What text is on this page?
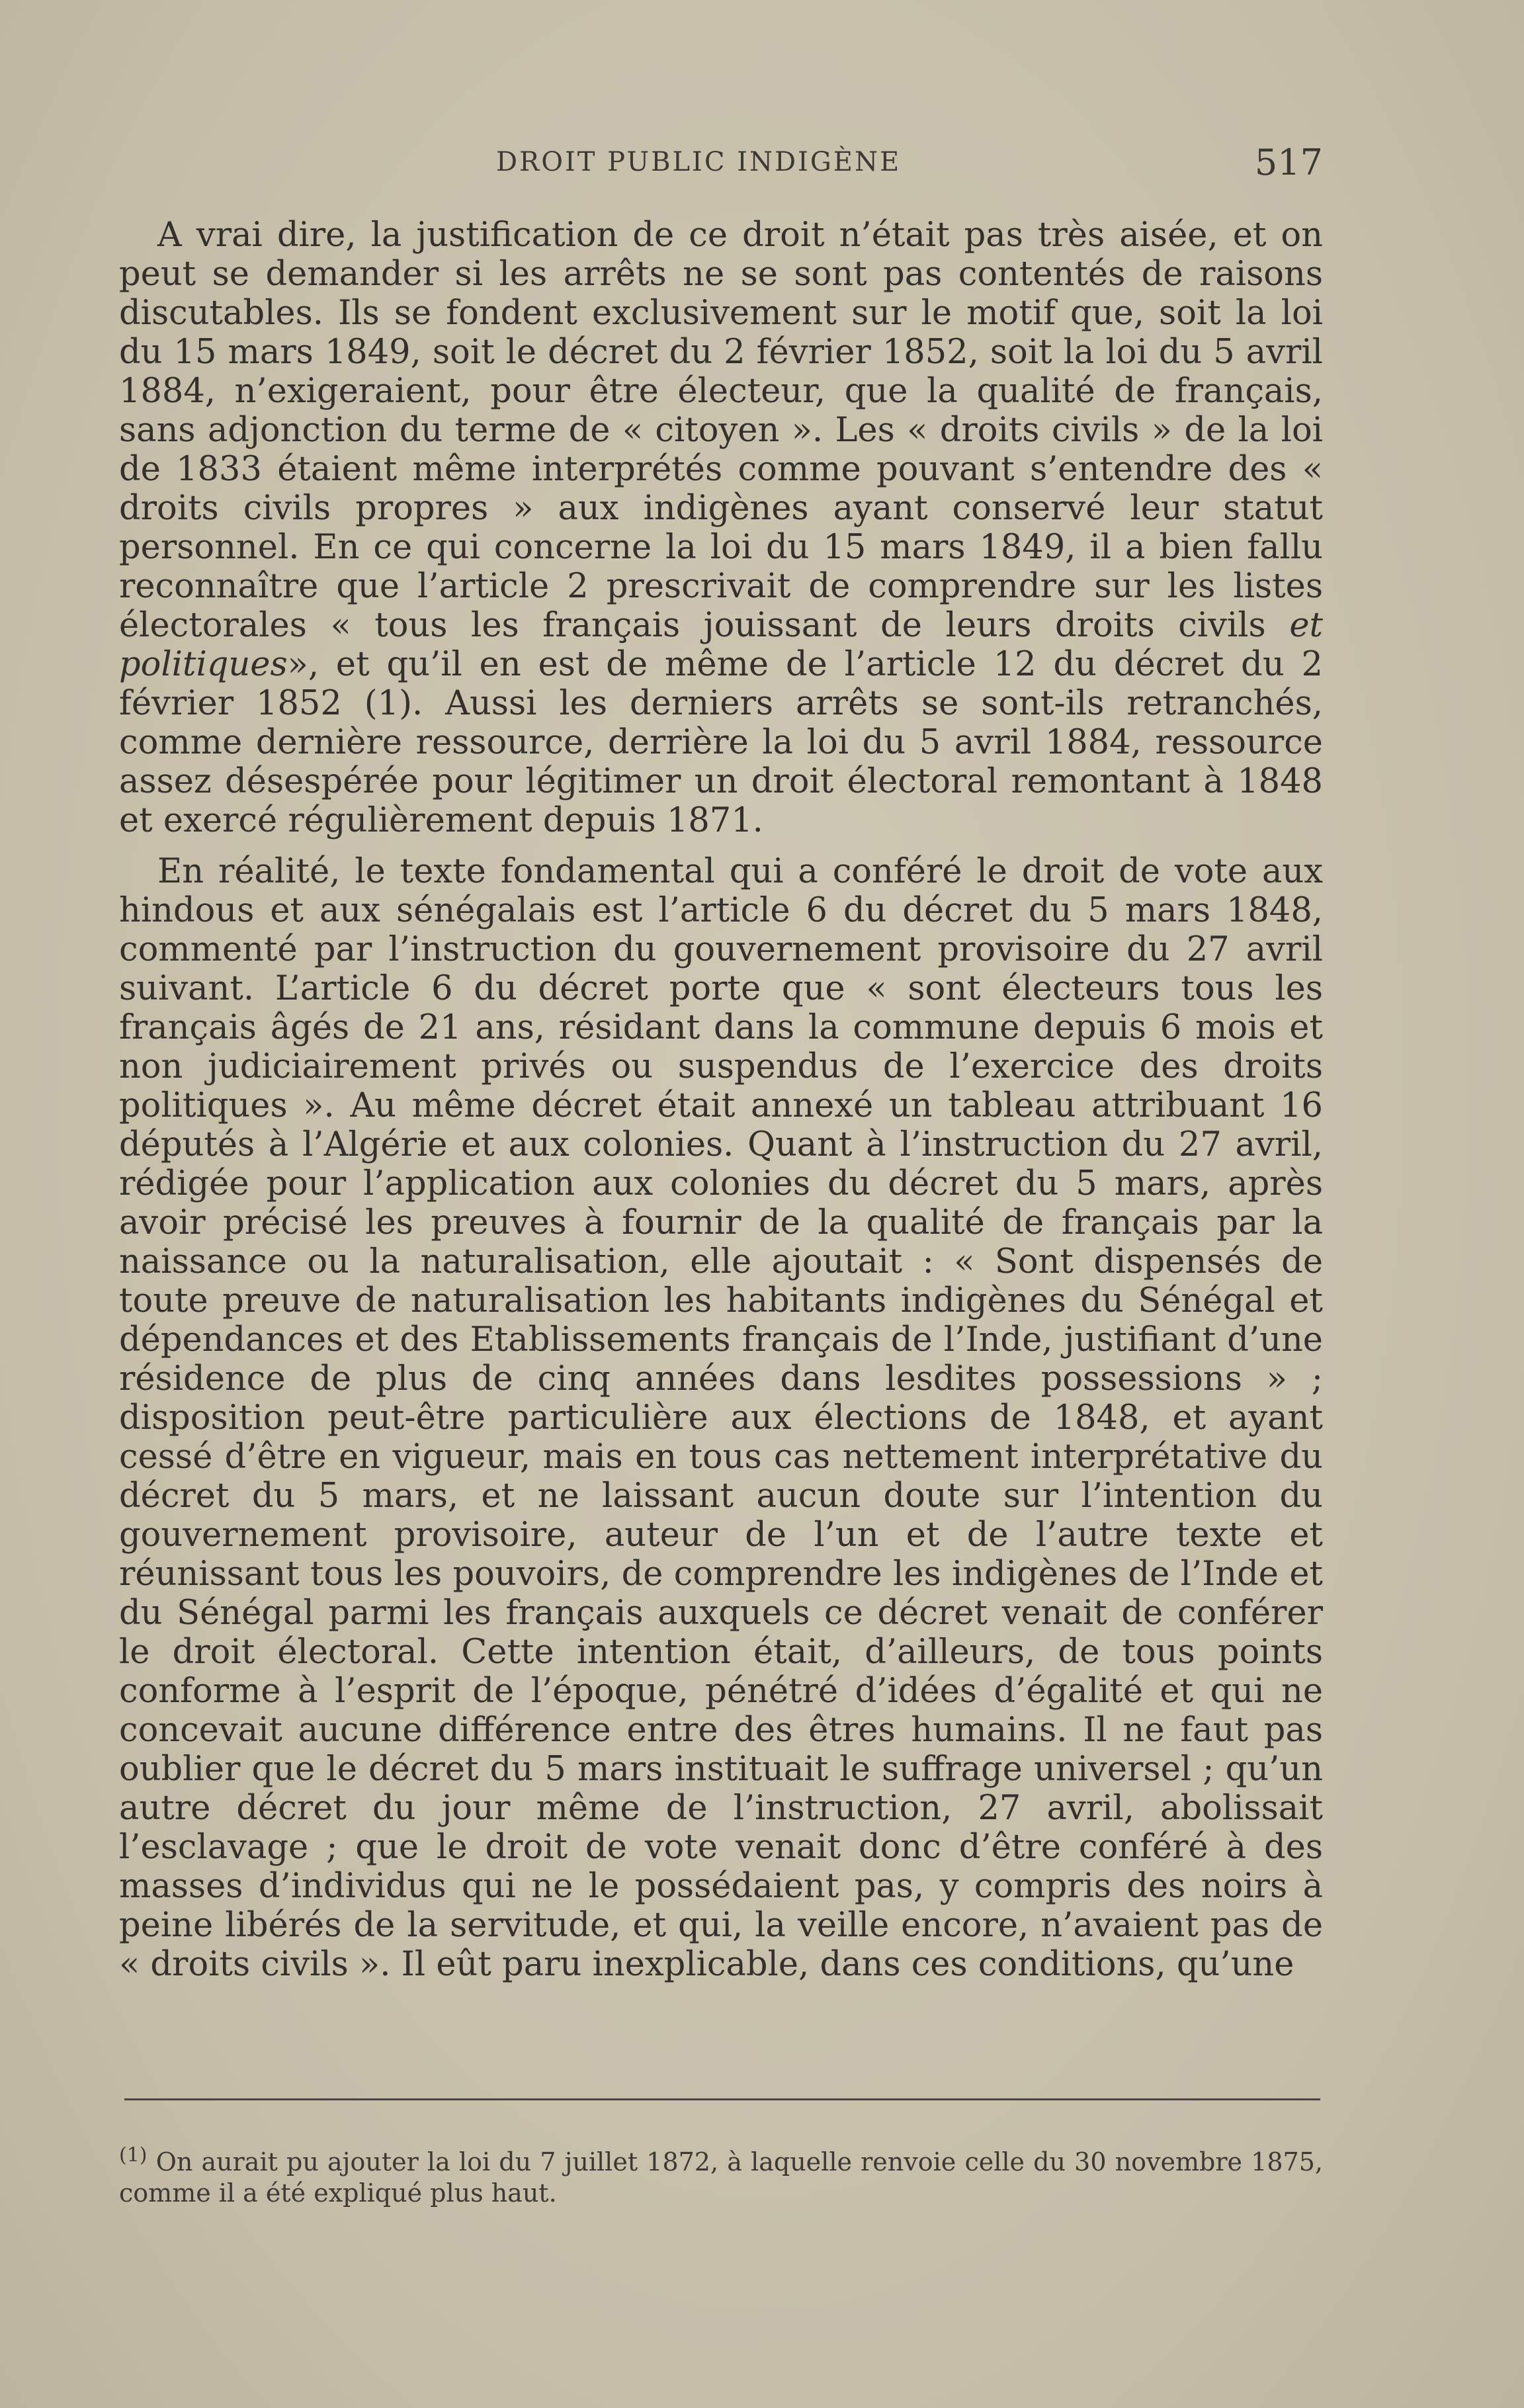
DROIT PUBLIC INDIGÈNE	517

A vrai dire, la justification de ce droit n’était pas très aisée, et on peut se demander si les arrêts ne se sont pas contentés de raisons discutables. Ils se fondent exclusivement sur le motif que, soit la loi du 15 mars 1849, soit le décret du 2 février 1852, soit la loi du 5 avril 1884, n’exigeraient, pour être électeur, que la qualité de français, sans adjonction du terme de « citoyen ». Les « droits civils » de la loi de 1833 étaient même interprétés comme pouvant s’entendre des « droits civils propres » aux indigènes ayant conservé leur statut personnel. En ce qui concerne la loi du 15 mars 1849, il a bien fallu reconnaître que l’article 2 prescrivait de comprendre sur les listes électorales « tous les français jouissant de leurs droits civils et politiques», et qu’il en est de même de l’article 12 du décret du 2 février 1852 (1). Aussi les derniers arrêts se sont-ils retranchés, comme dernière ressource, derrière la loi du 5 avril 1884, ressource assez désespérée pour légitimer un droit électoral remontant à 1848 et exercé régulièrement depuis 1871.

En réalité, le texte fondamental qui a conféré le droit de vote aux hindous et aux sénégalais est l’article 6 du décret du 5 mars 1848, commenté par l’instruction du gouvernement provisoire du 27 avril suivant. L’article 6 du décret porte que « sont électeurs tous les français âgés de 21 ans, résidant dans la commune depuis 6 mois et non judiciairement privés ou suspendus de l’exercice des droits politiques ». Au même décret était annexé un tableau attribuant 16 députés à l’Algérie et aux colonies. Quant à l’instruction du 27 avril, rédigée pour l’application aux colonies du décret du 5 mars, après avoir précisé les preuves à fournir de la qualité de français par la naissance ou la naturalisation, elle ajoutait : « Sont dispensés de toute preuve de naturalisation les habitants indigènes du Sénégal et dépendances et des Etablissements français de l’Inde, justifiant d’une résidence de plus de cinq années dans lesdites possessions » ; disposition peut-être particulière aux élections de 1848, et ayant cessé d’être en vigueur, mais en tous cas nettement interprétative du décret du 5 mars, et ne laissant aucun doute sur l’intention du gouvernement provisoire, auteur de l’un et de l’autre texte et réunissant tous les pouvoirs, de comprendre les indigènes de l’Inde et du Sénégal parmi les français auxquels ce décret venait de conférer le droit électoral. Cette intention était, d’ailleurs, de tous points conforme à l’esprit de l’époque, pénétré d’idées d’égalité et qui ne concevait aucune différence entre des êtres humains. Il ne faut pas oublier que le décret du 5 mars instituait le suffrage universel ; qu’un autre décret du jour même de l’instruction, 27 avril, abolissait l’esclavage ; que le droit de vote venait donc d’être conféré à des masses d’individus qui ne le possédaient pas, y compris des noirs à peine libérés de la servitude, et qui, la veille encore, n’avaient pas de « droits civils ». Il eût paru inexplicable, dans ces conditions, qu’une

$^{(1)}$ On aurait pu ajouter la loi du 7 juillet 1872, à laquelle renvoie celle du 30 novembre 1875, comme il a été expliqué plus haut.
